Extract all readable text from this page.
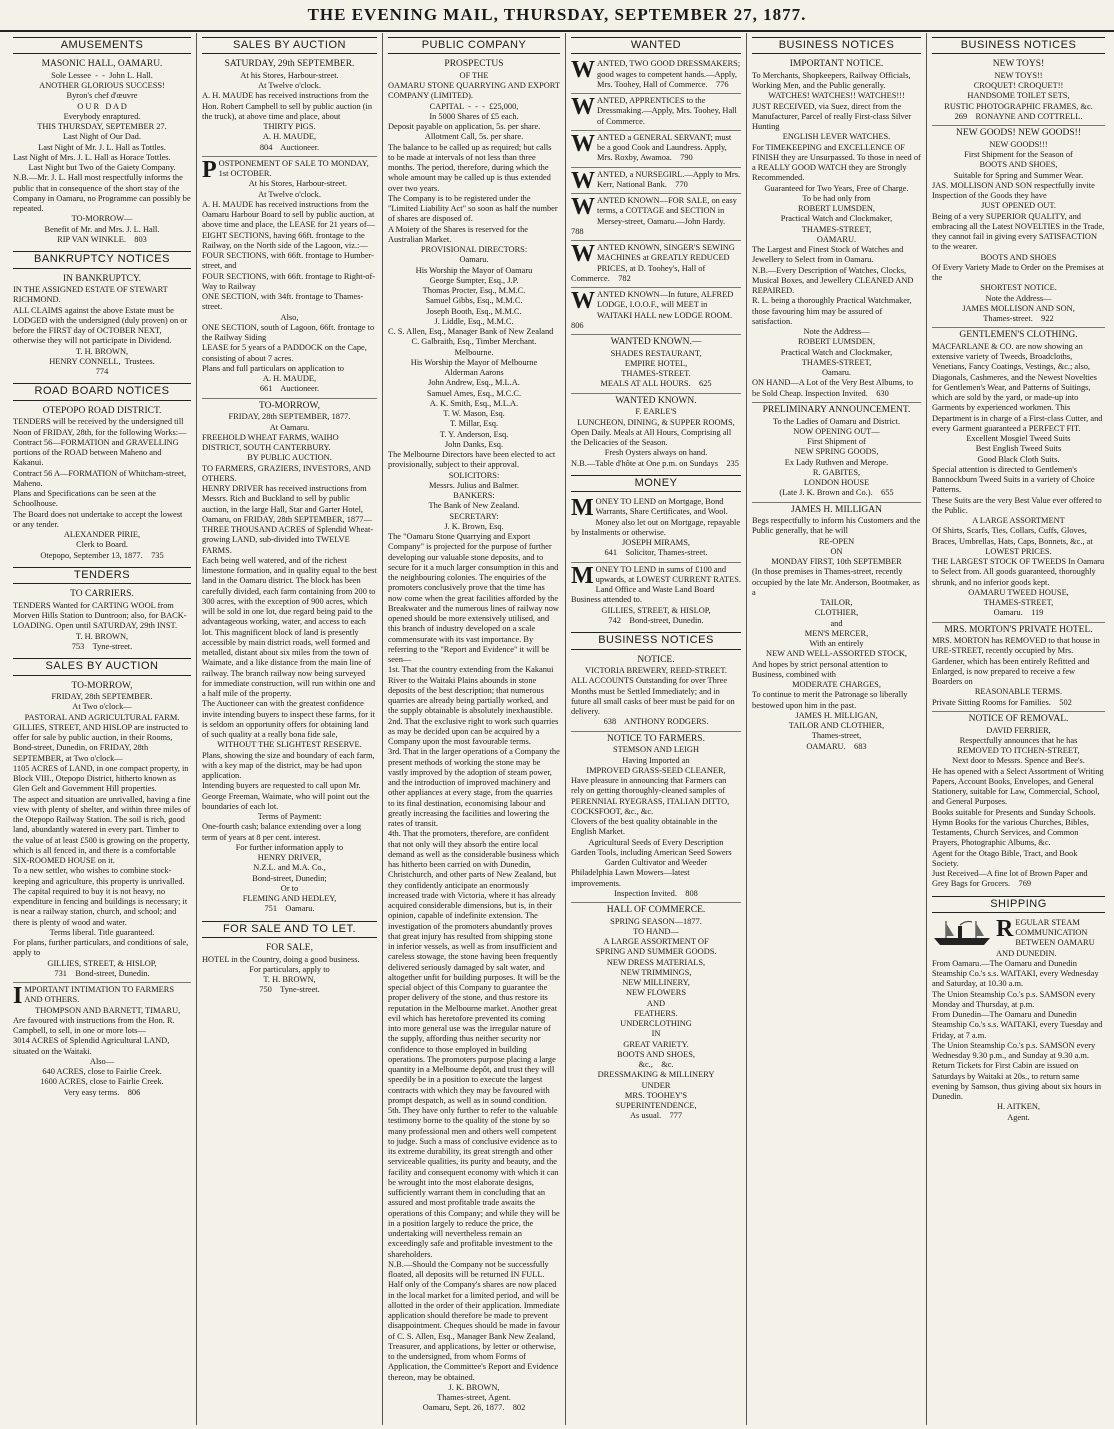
THE EVENING MAIL, THURSDAY, SEPTEMBER 27, 1877.
AMUSEMENTS
MASONIC HALL, OAMARU.
Sole Lessee  -  -  John L. Hall.
ANOTHER GLORIOUS SUCCESS!
Byron's chef d'œuvre
O U R   D A D
Everybody enraptured.
THIS THURSDAY, SEPTEMBER 27.
Last Night of Our Dad.
Last Night of Mr. J. L. Hall as Tottles.
Last Night of Mrs. J. L. Hall as Horace Tottles.
Last Night but Two of the Gaiety Company.
N.B.—Mr. J. L. Hall most respectfully informs the public that in consequence of the short stay of the Company in Oamaru, no Programme can possibly be repeated.
TO-MORROW—
Benefit of Mr. and Mrs. J. L. Hall.
RIP VAN WINKLE.    803
BANKRUPTCY NOTICES
IN BANKRUPTCY.
IN THE ASSIGNED ESTATE OF STEWART RICHMOND.
ALL CLAIMS against the above Estate must be LODGED with the undersigned (duly proven) on or before the FIRST day of OCTOBER NEXT, otherwise they will not participate in Dividend.
T. H. BROWN,
HENRY CONNELL,  Trustees.
774
ROAD BOARD NOTICES
OTEPOPO ROAD DISTRICT.
TENDERS will be received by the undersigned till Noon of FRIDAY, 28th, for the following Works:—
Contract 56—FORMATION and GRAVELLING portions of the ROAD between Maheno and Kakanui.
Contract 56 A—FORMATION of Whitcham-street, Maheno.
Plans and Specifications can be seen at the Schoolhouse.
The Board does not undertake to accept the lowest or any tender.
ALEXANDER PIRIE,
Clerk to Board.
Otepopo, September 13, 1877.    735
TENDERS
TO CARRIERS.
TENDERS Wanted for CARTING WOOL from Morven Hills Station to Duntroon; also, for BACK-LOADING. Open until SATURDAY, 29th INST.
T. H. BROWN,
753    Tyne-street.
SALES BY AUCTION
TO-MORROW,
FRIDAY, 28th SEPTEMBER.
At Two o'clock—
PASTORAL AND AGRICULTURAL FARM.
GILLIES, STREET, AND HISLOP are instructed to offer for sale by public auction, in their Rooms, Bond-street, Dunedin, on FRIDAY, 28th SEPTEMBER, at Two o'clock—
1105 ACRES of LAND, in one compact property, in Block VIII., Otepopo District, hitherto known as Glen Gelt and Government Hill properties.
The aspect and situation are unrivalled, having a fine view with plenty of shelter, and within three miles of the Otepopo Railway Station. The soil is rich, good land, abundantly watered in every part. Timber to the value of at least £500 is growing on the property, which is all fenced in, and there is a comfortable SIX-ROOMED HOUSE on it.
To a new settler, who wishes to combine stock-keeping and agriculture, this property is unrivalled. The capital required to buy it is not heavy, no expenditure in fencing and buildings is necessary; it is near a railway station, church, and school; and there is plenty of wood and water.
Terms liberal. Title guaranteed.
For plans, further particulars, and conditions of sale, apply to
GILLIES, STREET, & HISLOP,
731    Bond-street, Dunedin.
IMPORTANT INTIMATION TO FARMERS AND OTHERS.
THOMPSON AND BARNETT, TIMARU,
Are favoured with instructions from the Hon. R. Campbell, to sell, in one or more lots—
3014 ACRES of Splendid Agricultural LAND, situated on the Waitaki.
Also—
640 ACRES, close to Fairlie Creek.
1600 ACRES, close to Fairlie Creek.
Very easy terms.    806
SALES BY AUCTION
SATURDAY, 29th SEPTEMBER.
At his Stores, Harbour-street.
At Twelve o'clock.
A. H. MAUDE has received instructions from the Hon. Robert Campbell to sell by public auction (in the truck), at above time and place, about
THIRTY PIGS.
A. H. MAUDE,
804    Auctioneer.
POSTPONEMENT OF SALE TO MONDAY, 1st OCTOBER.
At his Stores, Harbour-street.
At Twelve o'clock.
A. H. MAUDE has received instructions from the Oamaru Harbour Board to sell by public auction, at above time and place, the LEASE for 21 years of—
EIGHT SECTIONS, having 66ft. frontage to the Railway, on the North side of the Lagoon, viz.:—
FOUR SECTIONS, with 66ft. frontage to Humber-street, and
FOUR SECTIONS, with 66ft. frontage to Right-of-Way to Railway
ONE SECTION, with 34ft. frontage to Thames-street.
Also,
ONE SECTION, south of Lagoon, 66ft. frontage to the Railway Siding
LEASE for 5 years of a PADDOCK on the Cape, consisting of about 7 acres.
Plans and full particulars on application to
A. H. MAUDE,
661    Auctioneer.
TO-MORROW,
FRIDAY, 28th SEPTEMBER, 1877.
At Oamaru.
FREEHOLD WHEAT FARMS, WAIHO DISTRICT, SOUTH CANTERBURY.
BY PUBLIC AUCTION.
TO FARMERS, GRAZIERS, INVESTORS, AND OTHERS.
HENRY DRIVER has received instructions from Messrs. Rich and Buckland to sell by public auction, in the large Hall, Star and Garter Hotel, Oamaru, on FRIDAY, 28th SEPTEMBER, 1877—
THREE THOUSAND ACRES of Splendid Wheat-growing LAND, sub-divided into TWELVE FARMS.
Each being well watered, and of the richest limestone formation, and in quality equal to the best land in the Oamaru district. The block has been carefully divided, each farm containing from 200 to 300 acres, with the exception of 900 acres, which will be sold in one lot, due regard being paid to the advantageous working, water, and access to each lot. This magnificent block of land is presently accessible by main district roads, well formed and metalled, distant about six miles from the town of Waimate, and a like distance from the main line of railway. The branch railway now being surveyed for immediate construction, will run within one and a half mile of the property.
The Auctioneer can with the greatest confidence invite intending buyers to inspect these farms, for it is seldom an opportunity offers for obtaining land of such quality at a really bona fide sale,
WITHOUT THE SLIGHTEST RESERVE.
Plans, showing the size and boundary of each farm, with a key map of the district, may be had upon application.
Intending buyers are requested to call upon Mr. George Freeman, Waimate, who will point out the boundaries of each lot.
Terms of Payment:
One-fourth cash; balance extending over a long term of years at 8 per cent. interest.
For further information apply to
HENRY DRIVER,
N.Z.L. and M.A. Co.,
Bond-street, Dunedin;
Or to
FLEMING AND HEDLEY,
751    Oamaru.
FOR SALE AND TO LET.
FOR SALE,
HOTEL in the Country, doing a good business.
For particulars, apply to
T. H. BROWN,
750    Tyne-street.
PUBLIC COMPANY
PROSPECTUS
OF THE
OAMARU STONE QUARRYING AND EXPORT COMPANY (LIMITED).
CAPITAL  -  -  -  £25,000,
In 5000 Shares of £5 each.
Deposit payable on application, 5s. per share.
Allotment Call, 5s. per share.
The balance to be called up as required; but calls to be made at intervals of not less than three months. The period, therefore, during which the whole amount may be called up is thus extended over two years.
The Company is to be registered under the "Limited Liability Act" so soon as half the number of shares are disposed of.
A Moiety of the Shares is reserved for the Australian Market.
PROVISIONAL DIRECTORS:
Oamaru.
His Worship the Mayor of Oamaru
George Sumpter, Esq., J.P.
Thomas Procter, Esq., M.M.C.
Samuel Gibbs, Esq., M.M.C.
Joseph Booth, Esq., M.M.C.
J. Liddle, Esq., M.M.C.
C. S. Allen, Esq., Manager Bank of New Zealand
C. Galbraith, Esq., Timber Merchant.
Melbourne.
His Worship the Mayor of Melbourne
Alderman Aarons
John Andrew, Esq., M.L.A.
Samuel Ames, Esq., M.C.C.
A. K. Smith, Esq., M.L.A.
T. W. Mason, Esq.
T. Millar, Esq.
T. Y. Anderson, Esq.
John Danks, Esq.
The Melbourne Directors have been elected to act provisionally, subject to their approval.
SOLICITORS:
Messrs. Julius and Balmer.
BANKERS:
The Bank of New Zealand.
SECRETARY:
J. K. Brown, Esq.
The "Oamaru Stone Quarrying and Export Company" is projected for the purpose of further developing our valuable stone deposits, and to secure for it a much larger consumption in this and the neighbouring colonies. The enquiries of the promoters conclusively prove that the time has now come when the great facilities afforded by the Breakwater and the numerous lines of railway now opened should be more extensively utilised, and this branch of industry developed on a scale commensurate with its vast importance. By referring to the "Report and Evidence" it will be seen—
1st. That the country extending from the Kakanui River to the Waitaki Plains abounds in stone deposits of the best description; that numerous quarries are already being partially worked, and the supply obtainable is absolutely inexhaustible.
2nd. That the exclusive right to work such quarries as may be decided upon can be acquired by a Company upon the most favourable terms.
3rd. That in the larger operations of a Company the present methods of working the stone may be vastly improved by the adoption of steam power, and the introduction of improved machinery and other appliances at every stage, from the quarries to its final destination, economising labour and greatly increasing the facilities and lowering the rates of transit.
4th. That the promoters, therefore, are confident that not only will they absorb the entire local demand as well as the considerable business which has hitherto been carried on with Dunedin, Christchurch, and other parts of New Zealand, but they confidently anticipate an enormously increased trade with Victoria, where it has already acquired considerable dimensions, but is, in their opinion, capable of indefinite extension. The investigation of the promoters abundantly proves that great injury has resulted from shipping stone in inferior vessels, as well as from insufficient and careless stowage, the stone having been frequently delivered seriously damaged by salt water, and altogether unfit for building purposes. It will be the special object of this Company to guarantee the proper delivery of the stone, and thus restore its reputation in the Melbourne market. Another great evil which has heretofore prevented its coming into more general use was the irregular nature of the supply, affording thus neither security nor confidence to those employed in building operations. The promoters purpose placing a large quantity in a Melbourne depôt, and trust they will speedily be in a position to execute the largest contracts with which they may be favoured with prompt despatch, as well as in sound condition.
5th. They have only further to refer to the valuable testimony borne to the quality of the stone by so many professional men and others well competent to judge. Such a mass of conclusive evidence as to its extreme durability, its great strength and other serviceable qualities, its purity and beauty, and the facility and consequent economy with which it can be wrought into the most elaborate designs, sufficiently warrant them in concluding that an assured and most profitable trade awaits the operations of this Company; and while they will be in a position largely to reduce the price, the undertaking will nevertheless remain an exceedingly safe and profitable investment to the shareholders.
N.B.—Should the Company not be successfully floated, all deposits will be returned IN FULL.
Half only of the Company's shares are now placed in the local market for a limited period, and will be allotted in the order of their application. Immediate application should therefore be made to prevent disappointment. Cheques should be made in favour of C. S. Allen, Esq., Manager Bank New Zealand, Treasurer, and applications, by letter or otherwise, to the undersigned, from whom Forms of Application, the Committee's Report and Evidence thereon, may be obtained.
J. K. BROWN,
Thames-street, Agent.
Oamaru, Sept. 26, 1877.    802
WANTED
WANTED, TWO GOOD DRESSMAKERS; good wages to competent hands.—Apply, Mrs. Toohey, Hall of Commerce.    776
WANTED, APPRENTICES to the Dressmaking.—Apply, Mrs. Toohey, Hall of Commerce.
WANTED a GENERAL SERVANT; must be a good Cook and Laundress. Apply, Mrs. Roxby, Awamoa.    790
WANTED, a NURSEGIRL.—Apply to Mrs. Kerr, National Bank.    770
WANTED KNOWN—FOR SALE, on easy terms, a COTTAGE and SECTION in Mersey-street, Oamaru.—John Hardy.    788
WANTED KNOWN, SINGER'S SEWING MACHINES at GREATLY REDUCED PRICES, at D. Toohey's, Hall of Commerce.    782
WANTED KNOWN—In future, ALFRED LODGE, I.O.O.F., will MEET in WAITAKI HALL new LODGE ROOM.    806
WANTED KNOWN.—
SHADES RESTAURANT,
EMPIRE HOTEL,
THAMES-STREET.
MEALS AT ALL HOURS.    625
WANTED KNOWN.
F. EARLE'S
LUNCHEON, DINING, & SUPPER ROOMS,
Open Daily. Meals at All Hours, Comprising all the Delicacies of the Season.
Fresh Oysters always on hand.
N.B.—Table d'hôte at One p.m. on Sundays    235
MONEY
MONEY TO LEND on Mortgage, Bond Warrants, Share Certificates, and Wool. Money also let out on Mortgage, repayable by Instalments or otherwise.
JOSEPH MIRAMS,
641    Solicitor, Thames-street.
MONEY TO LEND in sums of £100 and upwards, at LOWEST CURRENT RATES. Land Office and Waste Land Board Business attended to.
GILLIES, STREET, & HISLOP,
742    Bond-street, Dunedin.
BUSINESS NOTICES
NOTICE.
VICTORIA BREWERY, REED-STREET.
ALL ACCOUNTS Outstanding for over Three Months must be Settled Immediately; and in future all small casks of beer must be paid for on delivery.
638    ANTHONY RODGERS.
NOTICE TO FARMERS.
STEMSON AND LEIGH
Having Imported an
IMPROVED GRASS-SEED CLEANER,
Have pleasure in announcing that Farmers can rely on getting thoroughly-cleaned samples of
PERENNIAL RYEGRASS, ITALIAN DITTO, COCKSFOOT, &c., &c.
Clovers of the best quality obtainable in the English Market.
Agricultural Seeds of Every Description
Garden Tools, including American Seed Sowers
Garden Cultivator and Weeder
Philadelphia Lawn Mowers—latest improvements.
Inspection Invited.    808
HALL OF COMMERCE.
SPRING SEASON—1877.
TO HAND—
A LARGE ASSORTMENT OF
SPRING AND SUMMER GOODS.
NEW DRESS MATERIALS,
NEW TRIMMINGS,
NEW MILLINERY,
NEW FLOWERS
AND
FEATHERS.
UNDERCLOTHING
IN
GREAT VARIETY.
BOOTS AND SHOES,
&c.,    &c.
DRESSMAKING & MILLINERY
UNDER
MRS. TOOHEY'S
SUPERINTENDENCE,
As usual.    777
BUSINESS NOTICES
IMPORTANT NOTICE.
To Merchants, Shopkeepers, Railway Officials, Working Men, and the Public generally.
WATCHES! WATCHES!! WATCHES!!!
JUST RECEIVED, via Suez, direct from the Manufacturer, Parcel of really First-class Silver Hunting
ENGLISH LEVER WATCHES.
For TIMEKEEPING and EXCELLENCE OF FINISH they are Unsurpassed. To those in need of a REALLY GOOD WATCH they are Strongly Recommended.
Guaranteed for Two Years, Free of Charge.
To be had only from
ROBERT LUMSDEN,
Practical Watch and Clockmaker,
THAMES-STREET,
OAMARU.
The Largest and Finest Stock of Watches and Jewellery to Select from in Oamaru.
N.B.—Every Description of Watches, Clocks, Musical Boxes, and Jewellery CLEANED AND REPAIRED.
R. L. being a thoroughly Practical Watchmaker, those favouring him may be assured of satisfaction.
Note the Address—
ROBERT LUMSDEN,
Practical Watch and Clockmaker,
THAMES-STREET,
Oamaru.
ON HAND—A Lot of the Very Best Albums, to be Sold Cheap. Inspection Invited.    630
PRELIMINARY ANNOUNCEMENT.
To the Ladies of Oamaru and District.
NOW OPENING OUT—
First Shipment of
NEW SPRING GOODS,
Ex Lady Ruthven and Merope.
R. GABITES,
LONDON HOUSE
(Late J. K. Brown and Co.).    655
JAMES H. MILLIGAN
Begs respectfully to inform his Customers and the Public generally, that he will
RE-OPEN
ON
MONDAY FIRST, 10th SEPTEMBER
(In those premises in Thames-street, recently occupied by the late Mr. Anderson, Bootmaker, as a
TAILOR,
CLOTHIER,
and
MEN'S MERCER,
With an entirely
NEW AND WELL-ASSORTED STOCK,
And hopes by strict personal attention to Business, combined with
MODERATE CHARGES,
To continue to merit the Patronage so liberally bestowed upon him in the past.
JAMES H. MILLIGAN,
TAILOR AND CLOTHIER,
Thames-street,
OAMARU.    683
BUSINESS NOTICES
NEW TOYS!
NEW TOYS!!
CROQUET! CROQUET!!
HANDSOME TOILET SETS,
RUSTIC PHOTOGRAPHIC FRAMES, &c.
269    RONAYNE AND COTTRELL.
NEW GOODS! NEW GOODS!!
NEW GOODS!!!
First Shipment for the Season of
BOOTS AND SHOES,
Suitable for Spring and Summer Wear.
JAS. MOLLISON AND SON respectfully invite Inspection of the Goods they have
JUST OPENED OUT.
Being of a very SUPERIOR QUALITY, and embracing all the Latest NOVELTIES in the Trade, they cannot fail in giving every SATISFACTION to the wearer.
BOOTS AND SHOES
Of Every Variety Made to Order on the Premises at the
SHORTEST NOTICE.
Note the Address—
JAMES MOLLISON AND SON,
Thames-street.    922
GENTLEMEN'S CLOTHING.
MACFARLANE & CO. are now showing an extensive variety of Tweeds, Broadcloths, Venetians, Fancy Coatings, Vestings, &c.; also, Diagonals, Cashmeres, and the Newest Novelties for Gentlemen's Wear, and Patterns of Suitings, which are sold by the yard, or made-up into Garments by experienced workmen. This Department is in charge of a First-class Cutter, and every Garment guaranteed a PERFECT FIT.
Excellent Mosgiel Tweed Suits
Best English Tweed Suits
Good Black Cloth Suits.
Special attention is directed to Gentlemen's Bannockburn Tweed Suits in a variety of Choice Patterns.
These Suits are the very Best Value ever offered to the Public.
A LARGE ASSORTMENT
Of Shirts, Scarfs, Ties, Collars, Cuffs, Gloves, Braces, Umbrellas, Hats, Caps, Bonnets, &c., at
LOWEST PRICES.
THE LARGEST STOCK OF TWEEDS In Oamaru to Select from. All goods guaranteed, thoroughly shrunk, and no inferior goods kept.
OAMARU TWEED HOUSE,
THAMES-STREET,
Oamaru.    119
MRS. MORTON'S PRIVATE HOTEL.
MRS. MORTON has REMOVED to that house in URE-STREET, recently occupied by Mrs. Gardener, which has been entirely Refitted and Enlarged, is now prepared to receive a few Boarders on
REASONABLE TERMS.
Private Sitting Rooms for Families.    502
NOTICE OF REMOVAL.
DAVID FERRIER,
Respectfully announces that he has
REMOVED TO ITCHEN-STREET,
Next door to Messrs. Spence and Bee's.
He has opened with a Select Assortment of Writing Papers, Account Books, Envelopes, and General Stationery, suitable for Law, Commercial, School, and General Purposes.
Books suitable for Presents and Sunday Schools.
Hymn Books for the various Churches, Bibles, Testaments, Church Services, and Common Prayers, Photographic Albums, &c.
Agent for the Otago Bible, Tract, and Book Society.
Just Received—A fine lot of Brown Paper and Grey Bags for Grocers.    769
SHIPPING
REGULAR STEAM COMMUNICATION BETWEEN OAMARU AND DUNEDIN.
From Oamaru.—The Oamaru and Dunedin Steamship Co.'s s.s. WAITAKI, every Wednesday and Saturday, at 10.30 a.m.
The Union Steamship Co.'s p.s. SAMSON every Monday and Thursday, at p.m.
From Dunedin—The Oamaru and Dunedin Steamship Co.'s s.s. WAITAKI, every Tuesday and Friday, at 7 a.m.
The Union Steamship Co.'s p.s. SAMSON every Wednesday 9.30 p.m., and Sunday at 9.30 a.m.
Return Tickets for First Cabin are issued on Saturdays by Waitaki at 20s., to return same evening by Samson, thus giving about six hours in Dunedin.
H. AITKEN,
Agent.
